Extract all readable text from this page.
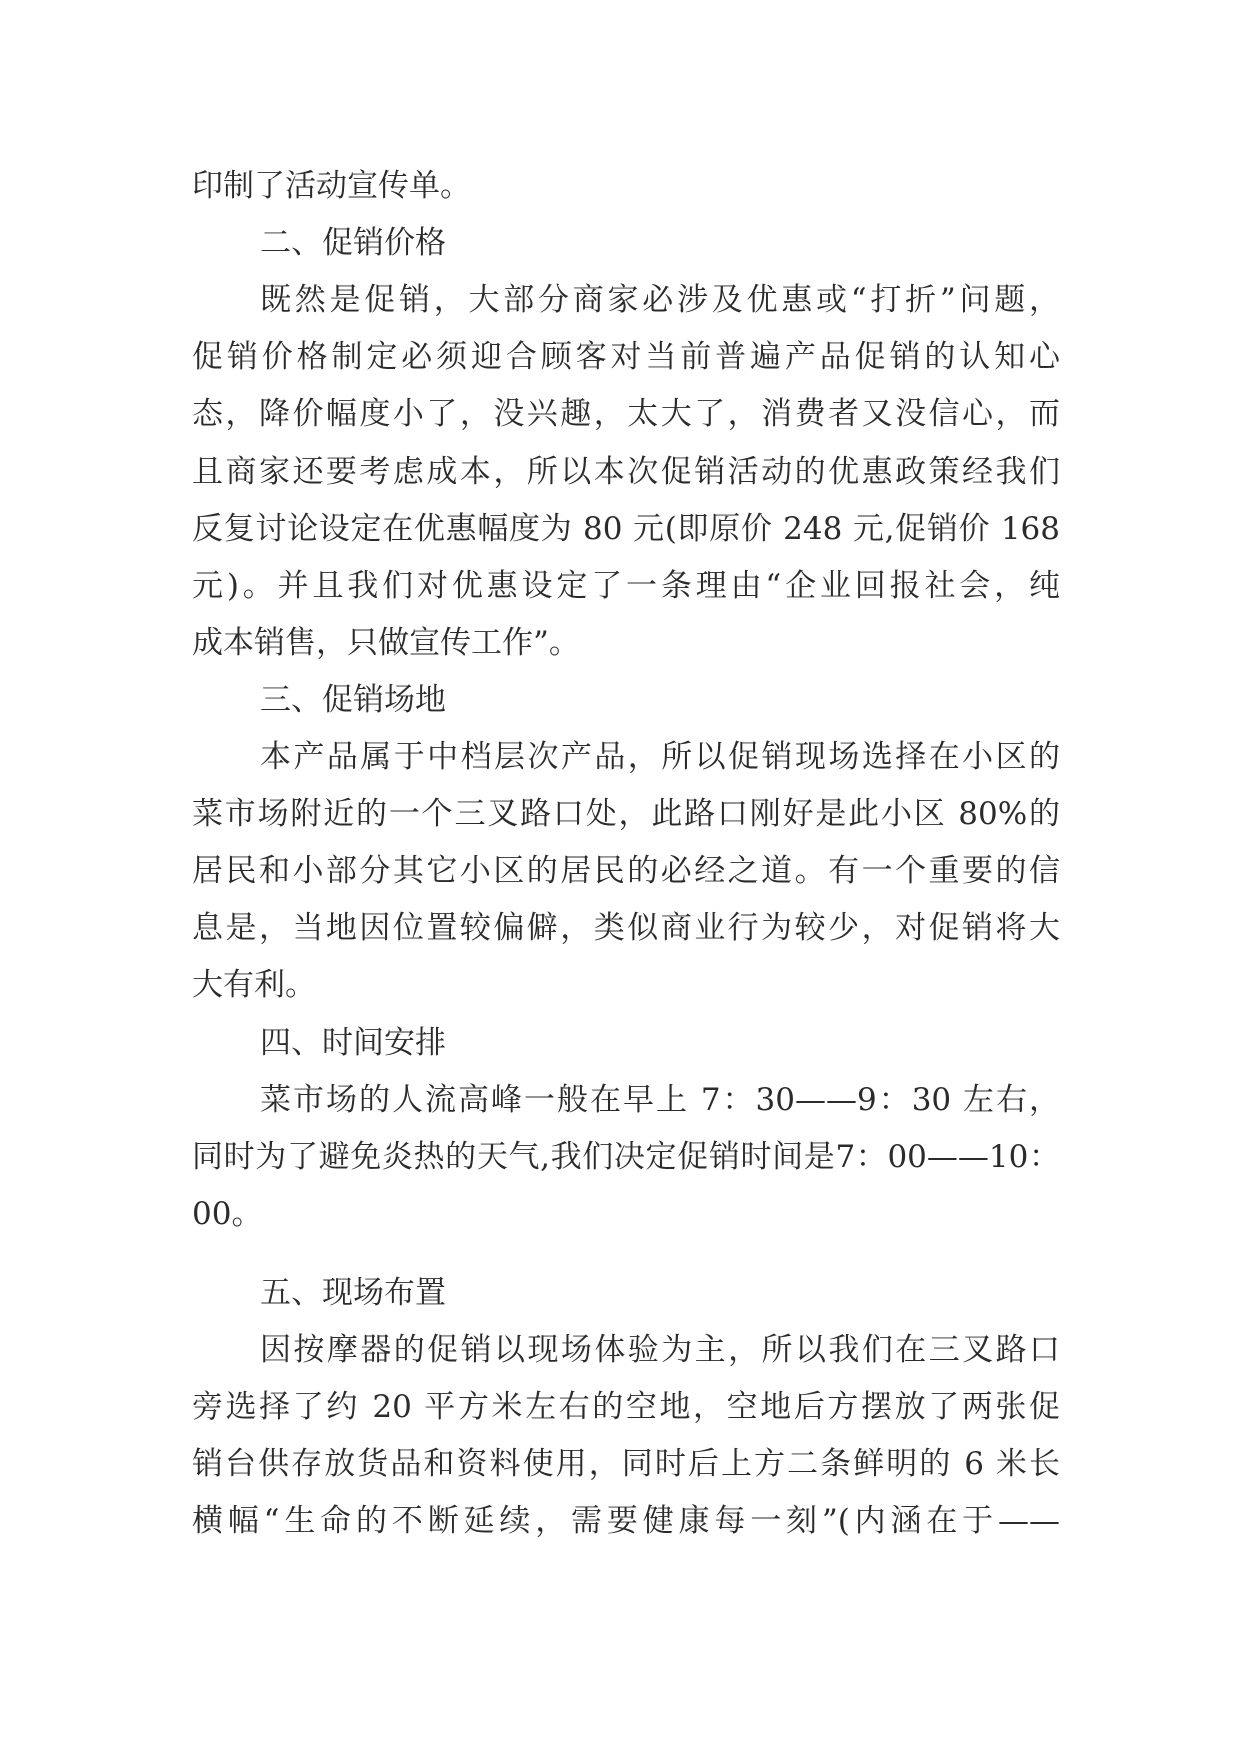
印制了活动宣传单。
二、促销价格
既然是促销，大部分商家必涉及优惠或“打折”问题，
促销价格制定必须迎合顾客对当前普遍产品促销的认知心
态，降价幅度小了，没兴趣，太大了，消费者又没信心，而
且商家还要考虑成本，所以本次促销活动的优惠政策经我们
反复讨论设定在优惠幅度为 80 元(即原价 248 元,促销价 168
元)。并且我们对优惠设定了一条理由“企业回报社会，纯
成本销售，只做宣传工作”。
三、促销场地
本产品属于中档层次产品，所以促销现场选择在小区的
菜市场附近的一个三叉路口处，此路口刚好是此小区 80%的
居民和小部分其它小区的居民的必经之道。有一个重要的信
息是，当地因位置较偏僻，类似商业行为较少，对促销将大
大有利。
四、时间安排
菜市场的人流高峰一般在早上 7：30——9：30 左右，
同时为了避免炎热的天气,我们决定促销时间是7：00——10：
00。
五、现场布置
因按摩器的促销以现场体验为主，所以我们在三叉路口
旁选择了约 20 平方米左右的空地，空地后方摆放了两张促
销台供存放货品和资料使用，同时后上方二条鲜明的 6 米长
横幅“生命的不断延续，需要健康每一刻”(内涵在于——
